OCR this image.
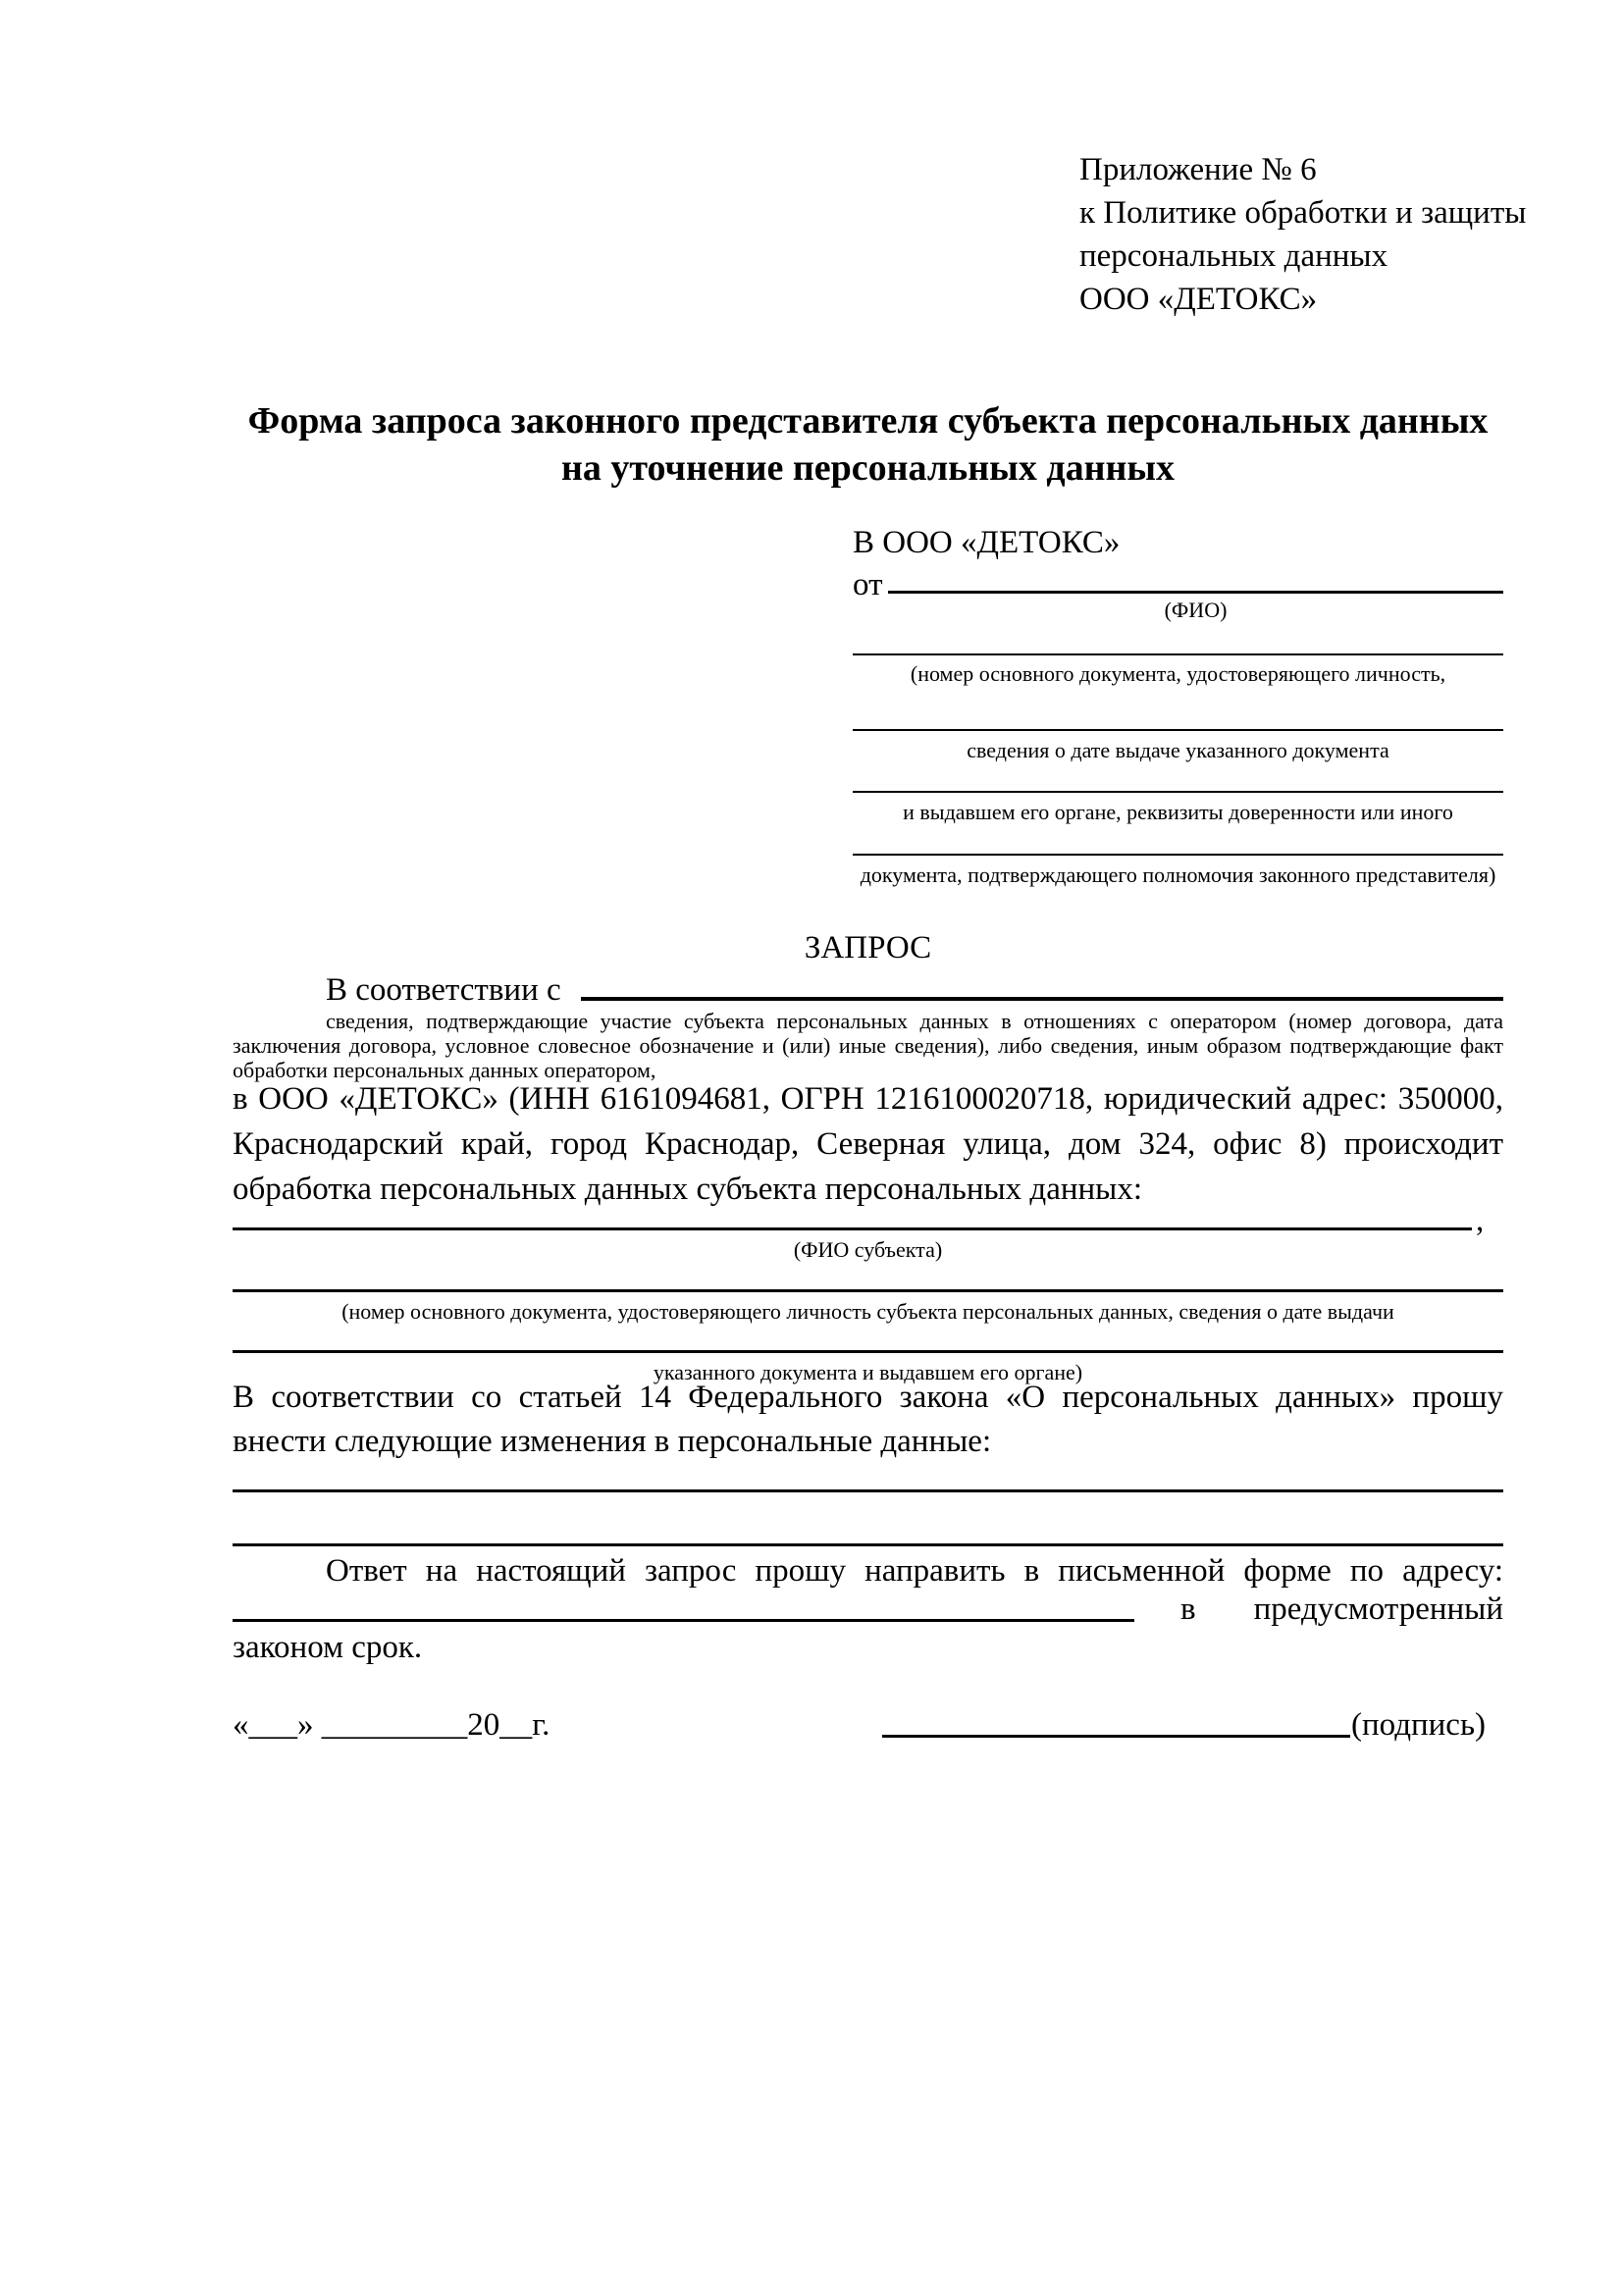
Приложение № 6
к Политике обработки и защиты
персональных данных
ООО «ДЕТОКС»
Форма запроса законного представителя субъекта персональных данных
на уточнение персональных данных
В ООО «ДЕТОКС»
от
(ФИО)
(номер основного документа, удостоверяющего личность,
сведения о дате выдаче указанного документа
и выдавшем его органе, реквизиты доверенности или иного
документа, подтверждающего полномочия законного представителя)
ЗАПРОС
В соответствии с
сведения, подтверждающие участие субъекта персональных данных в отношениях с оператором (номер договора, дата заключения договора, условное словесное обозначение и (или) иные сведения), либо сведения, иным образом подтверждающие факт обработки персональных данных оператором,
в ООО «ДЕТОКС» (ИНН 6161094681, ОГРН 1216100020718, юридический адрес: 350000, Краснодарский край, город Краснодар, Северная улица, дом 324, офис 8) происходит обработка персональных данных субъекта персональных данных:
,
(ФИО субъекта)
(номер основного документа, удостоверяющего личность субъекта персональных данных, сведения о дате выдачи
указанного документа и выдавшем его органе)
В соответствии со статьей 14 Федерального закона «О персональных данных» прошу внести следующие изменения в персональные данные:
Ответ на настоящий запрос прошу направить в письменной форме по адресу:
в предусмотренный
законом срок.
«___» _________20__г.	(подпись)
